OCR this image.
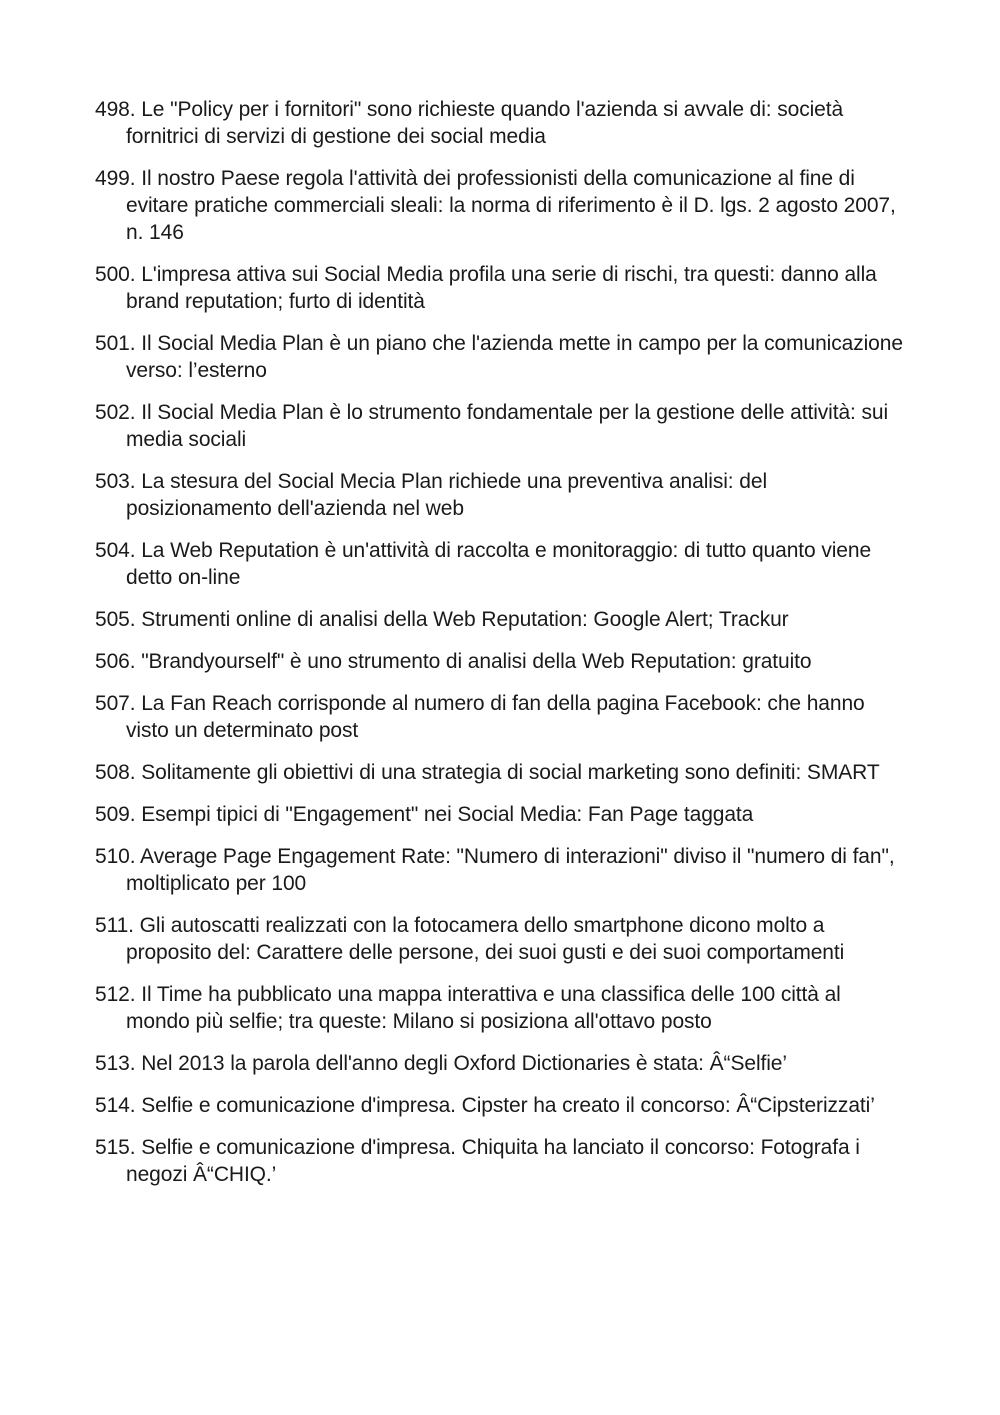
498. Le "Policy per i fornitori" sono richieste quando l'azienda si avvale di: società fornitrici di servizi di gestione dei social media
499. Il nostro Paese regola l'attività dei professionisti della comunicazione al fine di evitare pratiche commerciali sleali: la norma di riferimento è il D. lgs. 2 agosto 2007, n. 146
500. L'impresa attiva sui Social Media profila una serie di rischi, tra questi: danno alla brand reputation; furto di identità
501. Il Social Media Plan è un piano che l'azienda mette in campo per la comunicazione verso: l’esterno
502. Il Social Media Plan è lo strumento fondamentale per la gestione delle attività: sui media sociali
503. La stesura del Social Mecia Plan richiede una preventiva analisi: del posizionamento dell'azienda nel web
504. La Web Reputation è un'attività di raccolta e monitoraggio: di tutto quanto viene detto on-line
505. Strumenti online di analisi della Web Reputation: Google Alert; Trackur
506. "Brandyourself" è uno strumento di analisi della Web Reputation: gratuito
507. La Fan Reach corrisponde al numero di fan della pagina Facebook: che hanno visto un determinato post
508. Solitamente gli obiettivi di una strategia di social marketing sono definiti: SMART
509. Esempi tipici di "Engagement" nei Social Media: Fan Page taggata
510. Average Page Engagement Rate: "Numero di interazioni" diviso il "numero di fan", moltiplicato per 100
511. Gli autoscatti realizzati con la fotocamera dello smartphone dicono molto a proposito del: Carattere delle persone, dei suoi gusti e dei suoi comportamenti
512. Il Time ha pubblicato una mappa interattiva e una classifica delle 100 città al mondo più selfie; tra queste: Milano si posiziona all'ottavo posto
513. Nel 2013 la parola dell'anno degli Oxford Dictionaries è stata: Â“Selfie’
514. Selfie e comunicazione d'impresa. Cipster ha creato il concorso: Â“Cipsterizzati’
515. Selfie e comunicazione d'impresa. Chiquita ha lanciato il concorso: Fotografa i negozi Â“CHIQ.’
